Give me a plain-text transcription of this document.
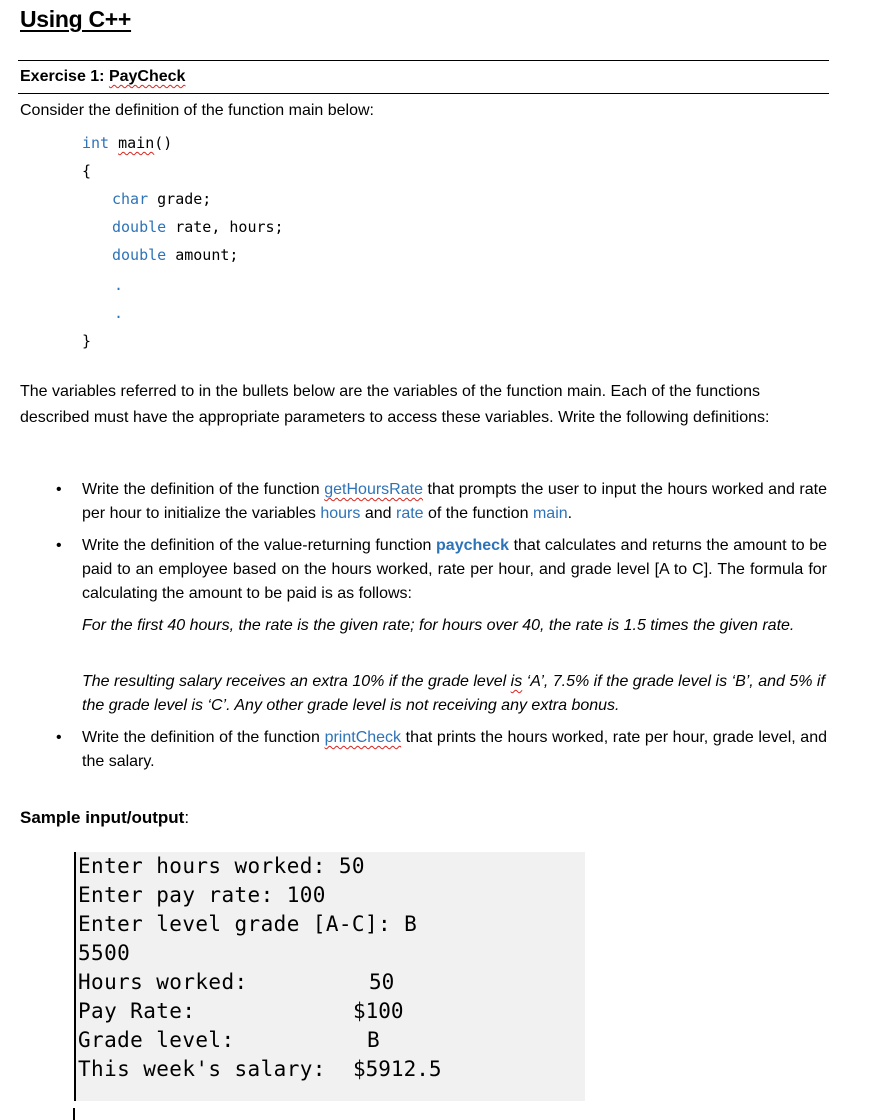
Using C++
Exercise 1: PayCheck
Consider the definition of the function main below:
int main()
{
char grade;
double rate, hours;
double amount;
.
.
}
The variables referred to in the bullets below are the variables of the function main. Each of the functions described must have the appropriate parameters to access these variables. Write the following definitions:
• Write the definition of the function getHoursRate that prompts the user to input the hours worked and rate per hour to initialize the variables hours and rate of the function main.
• Write the definition of the value-returning function paycheck that calculates and returns the amount to be paid to an employee based on the hours worked, rate per hour, and grade level [A to C]. The formula for calculating the amount to be paid is as follows:
For the first 40 hours, the rate is the given rate; for hours over 40, the rate is 1.5 times the given rate.
The resulting salary receives an extra 10% if the grade level is ‘A’, 7.5% if the grade level is ‘B’, and 5% if the grade level is ‘C’. Any other grade level is not receiving any extra bonus.
• Write the definition of the function printCheck that prints the hours worked, rate per hour, grade level, and the salary.
Sample input/output:
Enter hours worked: 50
Enter pay rate: 100
Enter level grade [A-C]: B
5500
Hours worked:	50
Pay Rate:	$100
Grade level:	B
This week's salary: $5912.5
